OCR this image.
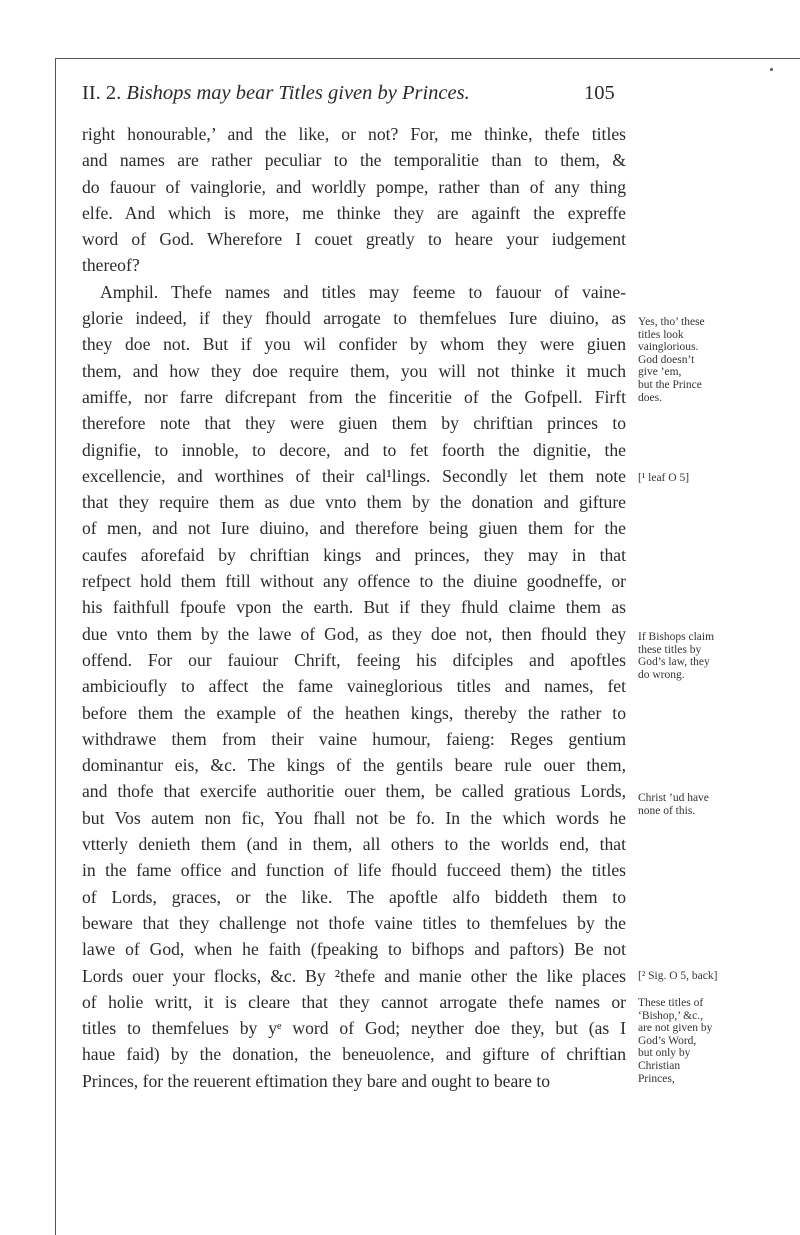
II. 2. Bishops may bear Titles given by Princes.	105
right honourable,’ and the like, or not? For, me thinke, thefe titles
and names are rather peculiar to the temporalitie than to them, &
do fauour of vainglorie, and worldly pompe, rather than of any thing
elfe. And which is more, me thinke they are againft the expreffe
word of God. Wherefore I couet greatly to heare your iudgement
thereof?
Amphil. Thefe names and titles may feeme to fauour of vaine-
glorie indeed, if they fhould arrogate to themfelues Iure diuino, as
they doe not. But if you wil confider by whom they were giuen
them, and how they doe require them, you will not thinke it much
amiffe, nor farre difcrepant from the finceritie of the Gofpell. Firft
therefore note that they were giuen them by chriftian princes to
dignifie, to innoble, to decore, and to fet foorth the dignitie, the
excellencie, and worthines of their cal¹lings. Secondly let them note
that they require them as due vnto them by the donation and gifture
of men, and not Iure diuino, and therefore being giuen them for the
caufes aforefaid by chriftian kings and princes, they may in that
refpect hold them ftill without any offence to the diuine goodneffe, or
his faithfull fpoufe vpon the earth. But if they fhuld claime them as
due vnto them by the lawe of God, as they doe not, then fhould they
offend. For our fauiour Chrift, feeing his difciples and apoftles
ambicioufly to affect the fame vaineglorious titles and names, fet
before them the example of the heathen kings, thereby the rather to
withdrawe them from their vaine humour, faieng: Reges gentium
dominantur eis, &c. The kings of the gentils beare rule ouer them,
and thofe that exercife authoritie ouer them, be called gratious Lords,
but Vos autem non fic, You fhall not be fo. In the which words he
vtterly denieth them (and in them, all others to the worlds end, that
in the fame office and function of life fhould fucceed them) the titles
of Lords, graces, or the like. The apoftle alfo biddeth them to
beware that they challenge not thofe vaine titles to themfelues by the
lawe of God, when he faith (fpeaking to bifhops and paftors) Be not
Lords ouer your flocks, &c. By ²thefe and manie other the like places
of holie writt, it is cleare that they cannot arrogate thefe names or
titles to themfelues by yᵉ word of God; neyther doe they, but (as I
haue faid) by the donation, the beneuolence, and gifture of chriftian
Princes, for the reuerent eftimation they bare and ought to beare to
Yes, tho’ these
titles look
vainglorious.
God doesn’t
give ’em,
but the Prince
does.
[¹ leaf O 5]
If Bishops claim
these titles by
God’s law, they
do wrong.
Christ ’ud have
none of this.
[² Sig. O 5, back]
These titles of
‘Bishop,’ &c.,
are not given by
God’s Word,
but only by
Christian
Princes,
